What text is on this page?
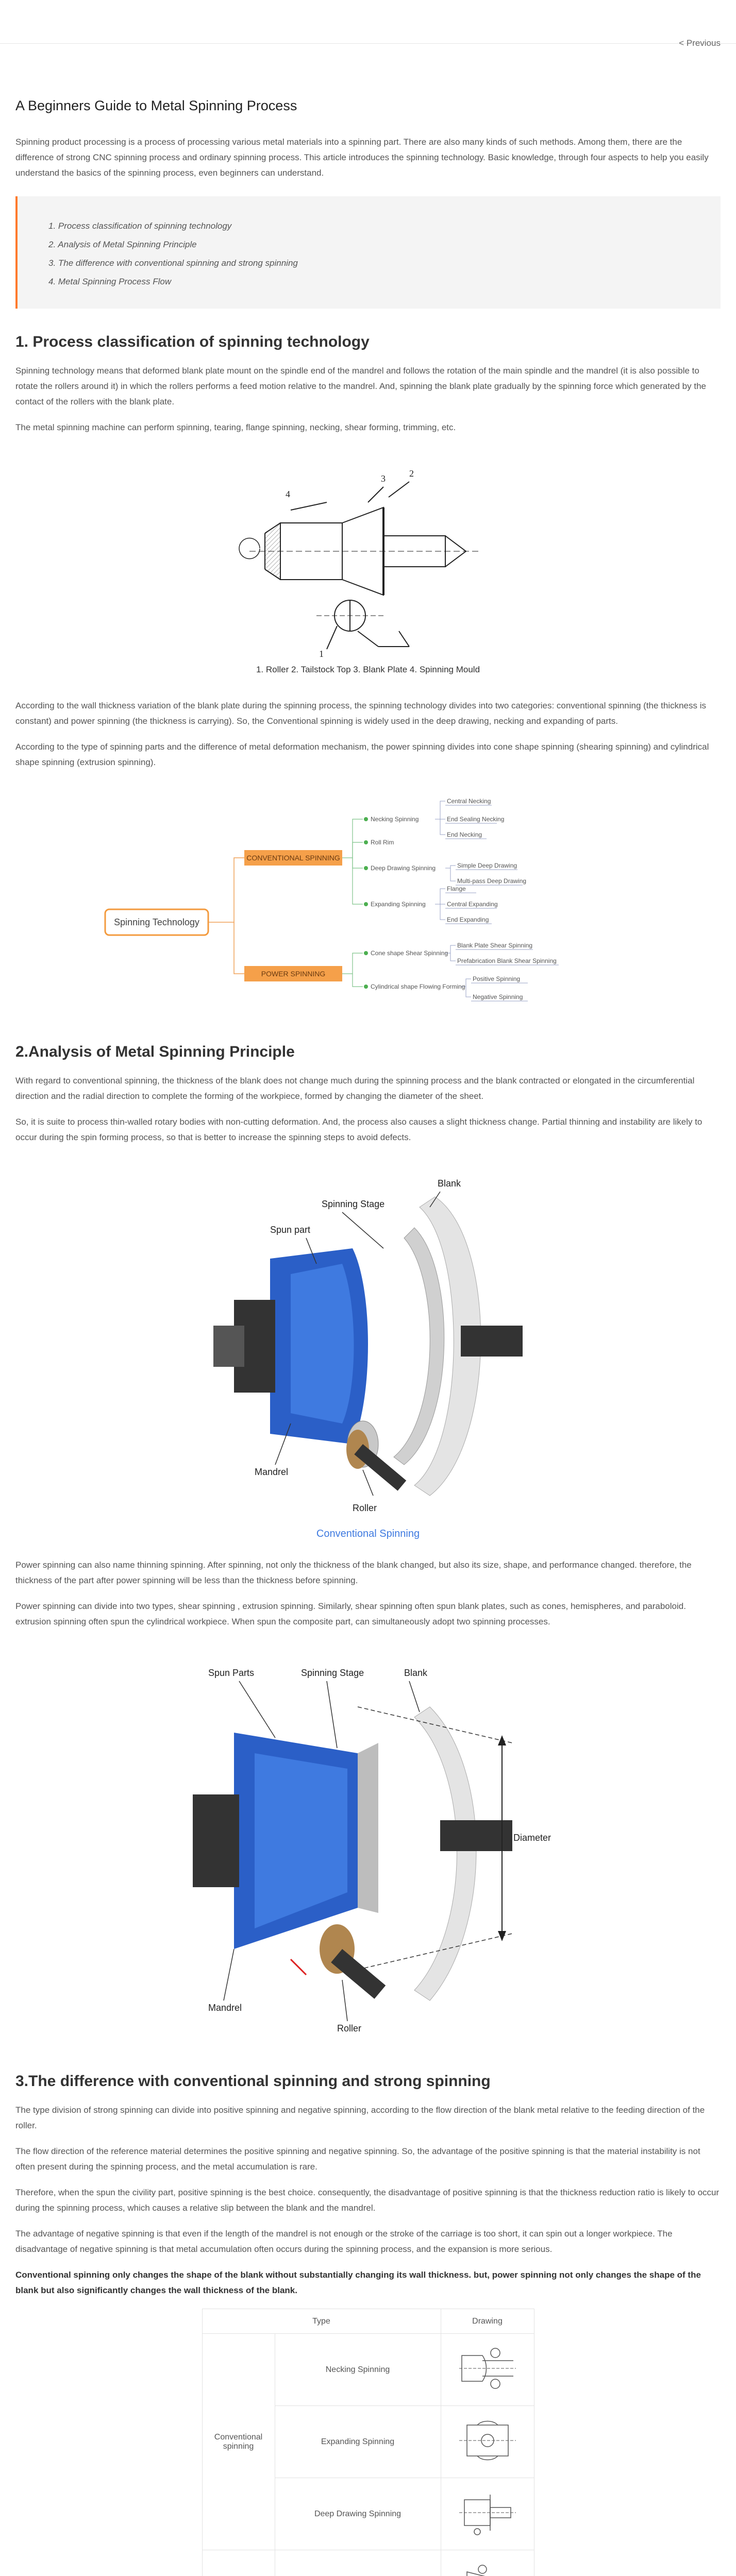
< Previous
A Beginners Guide to Metal Spinning Process

Spinning product processing is a process of processing various metal materials into a spinning part. There are also many kinds of such methods. Among them, there are the difference of strong CNC spinning process and ordinary spinning process. This article introduces the spinning technology. Basic knowledge, through four aspects to help you easily understand the basics of the spinning process, even beginners can understand.

1. Process classification of spinning technology
2. Analysis of Metal Spinning Principle
3. The difference with conventional spinning and strong spinning
4. Metal Spinning Process Flow
1. Process classification of spinning technology

Spinning technology means that deformed blank plate mount on the spindle end of the mandrel and follows the rotation of the main spindle and the mandrel (it is also possible to rotate the rollers around it) in which the rollers performs a feed motion relative to the mandrel. And, spinning the blank plate gradually by the spinning force which generated by the contact of the rollers with the blank plate.

The metal spinning machine can perform spinning, tearing, flange spinning, necking, shear forming, trimming, etc.

4
2
3
1
1. Roller 2. Tailstock Top 3. Blank Plate 4. Spinning Mould

According to the wall thickness variation of the blank plate during the spinning process, the spinning technology divides into two categories: conventional spinning (the thickness is constant) and power spinning (the thickness is carrying). So, the Conventional spinning is widely used in the deep drawing, necking and expanding of parts.

According to the type of spinning parts and the difference of metal deformation mechanism, the power spinning divides into cone shape spinning (shearing spinning) and cylindrical shape spinning (extrusion spinning).

Spinning Technology
CONVENTIONAL SPINNING
POWER SPINNING
Necking Spinning
Roll Rim
Deep Drawing Spinning
Expanding Spinning
Cone shape Shear Spinning
Cylindrical shape Flowing Forming
Central Necking
End Sealing Necking
End Necking
Simple Deep Drawing
Multi-pass Deep Drawing
Flange
Central Expanding
End Expanding
Blank Plate Shear Spinning
Prefabrication Blank Shear Spinning
Positive Spinning
Negative Spinning
2.Analysis of Metal Spinning Principle

With regard to conventional spinning, the thickness of the blank does not change much during the spinning process and the blank contracted or elongated in the circumferential direction and the radial direction to complete the forming of the workpiece, formed by changing the diameter of the sheet.

So, it is suite to process thin-walled rotary bodies with non-cutting deformation. And, the process also causes a slight thickness change. Partial thinning and instability are likely to occur during the spin forming process, so that is better to increase the spinning steps to avoid defects.

Spinning Stage
Spun part
Blank
Mandrel
Roller
Conventional Spinning

Power spinning can also name thinning spinning. After spinning, not only the thickness of the blank changed, but also its size, shape, and performance changed. therefore, the thickness of the part after power spinning will be less than the thickness before spinning.

Power spinning can divide into two types, shear spinning , extrusion spinning. Similarly, shear spinning often spun blank plates, such as cones, hemispheres, and paraboloid. extrusion spinning often spun the cylindrical workpiece. When spun the composite part, can simultaneously adopt two spinning processes.

Spun Parts	Spinning Stage	Blank
Diameter
Mandrel
Roller
3.The difference with conventional spinning and strong spinning

The type division of strong spinning can divide into positive spinning and negative spinning, according to the flow direction of the blank metal relative to the feeding direction of the roller.

The flow direction of the reference material determines the positive spinning and negative spinning. So, the advantage of the positive spinning is that the material instability is not often present during the spinning process, and the metal accumulation is rare.

Therefore, when the spun the civility part, positive spinning is the best choice. consequently, the disadvantage of positive spinning is that the thickness reduction ratio is likely to occur during the spinning process, which causes a relative slip between the blank and the mandrel.

The advantage of negative spinning is that even if the length of the mandrel is not enough or the stroke of the carriage is too short, it can spin out a longer workpiece. The disadvantage of negative spinning is that metal accumulation often occurs during the spinning process, and the expansion is more serious.

Conventional spinning only changes the shape of the blank without substantially changing its wall thickness. but, power spinning not only changes the shape of the blank but also significantly changes the wall thickness of the blank.

Type			Drawing
Conventional spinning	Necking Spinning	
	Expanding Spinning	
	Deep Drawing Spinning	
